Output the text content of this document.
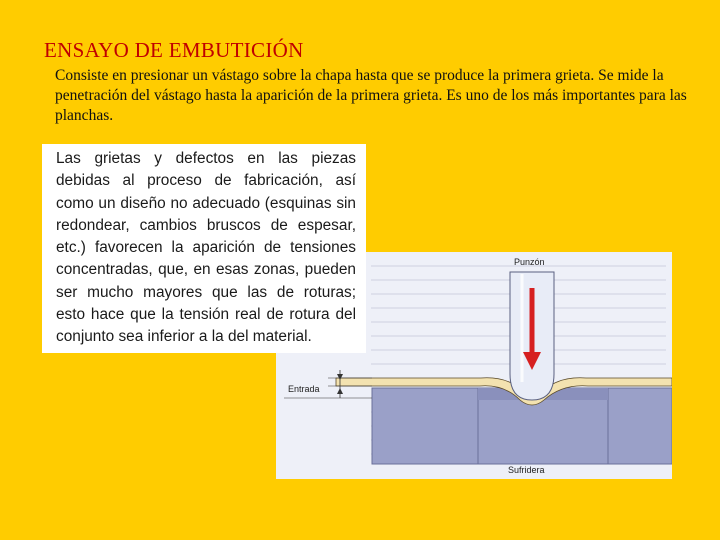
ENSAYO DE EMBUTICIÓN

Consiste en presionar un vástago sobre la chapa hasta que se produce la primera grieta. Se mide la penetración del vástago hasta la aparición de la primera grieta. Es uno de los más importantes para las planchas.

Punzón
Entrada
Sufridera
Las grietas y defectos en las piezas debidas al proceso de fabricación, así como un diseño no adecuado (esquinas sin redondear, cambios bruscos de espesar, etc.) favorecen la aparición de tensiones concentradas, que, en esas zonas, pueden ser mucho mayores que las de roturas; esto hace que la tensión real de rotura del conjunto sea inferior a la del material.
